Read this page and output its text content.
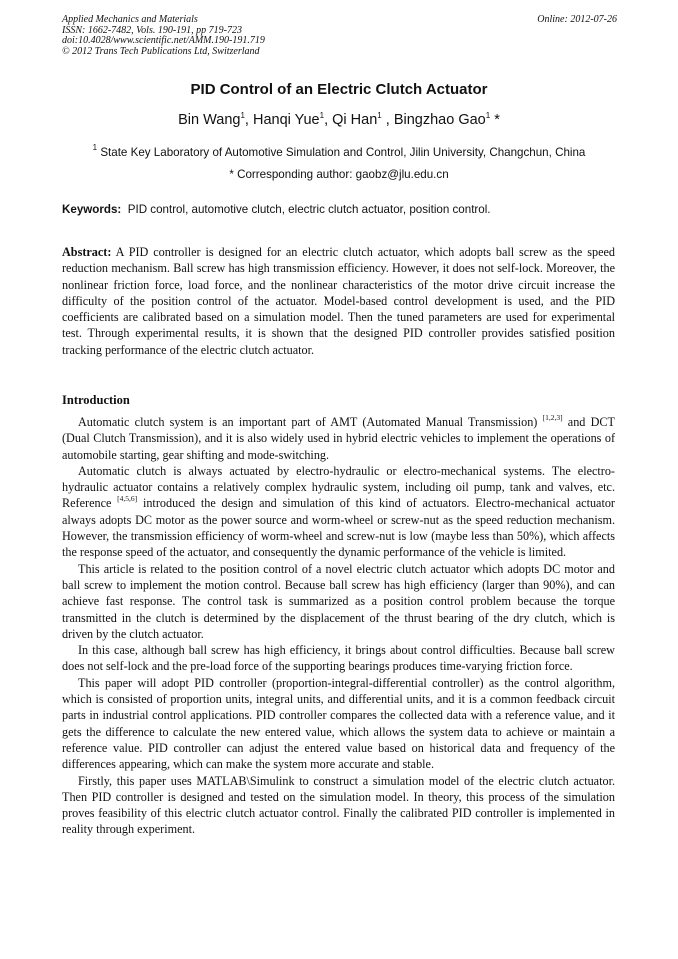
Applied Mechanics and Materials
ISSN: 1662-7482, Vols. 190-191, pp 719-723
doi:10.4028/www.scientific.net/AMM.190-191.719
© 2012 Trans Tech Publications Ltd, Switzerland
Online: 2012-07-26
PID Control of an Electric Clutch Actuator
Bin Wang$^1$, Hanqi Yue$^1$, Qi Han$^1$ , Bingzhao Gao$^1$ *
$^1$ State Key Laboratory of Automotive Simulation and Control, Jilin University, Changchun, China
* Corresponding author: gaobz@jlu.edu.cn
Keywords: PID control, automotive clutch, electric clutch actuator, position control.
Abstract: A PID controller is designed for an electric clutch actuator, which adopts ball screw as the speed reduction mechanism. Ball screw has high transmission efficiency. However, it does not self-lock. Moreover, the nonlinear friction force, load force, and the nonlinear characteristics of the motor drive circuit increase the difficulty of the position control of the actuator. Model-based control development is used, and the PID coefficients are calibrated based on a simulation model. Then the tuned parameters are used for experimental test. Through experimental results, it is shown that the designed PID controller provides satisfied position tracking performance of the electric clutch actuator.
Introduction

Automatic clutch system is an important part of AMT (Automated Manual Transmission) [1,2,3] and DCT (Dual Clutch Transmission), and it is also widely used in hybrid electric vehicles to implement the operations of automobile starting, gear shifting and mode-switching.

Automatic clutch is always actuated by electro-hydraulic or electro-mechanical systems. The electro-hydraulic actuator contains a relatively complex hydraulic system, including oil pump, tank and valves, etc. Reference [4,5,6] introduced the design and simulation of this kind of actuators. Electro-mechanical actuator always adopts DC motor as the power source and worm-wheel or screw-nut as the speed reduction mechanism. However, the transmission efficiency of worm-wheel and screw-nut is low (maybe less than 50%), which affects the response speed of the actuator, and consequently the dynamic performance of the vehicle is limited.

This article is related to the position control of a novel electric clutch actuator which adopts DC motor and ball screw to implement the motion control. Because ball screw has high efficiency (larger than 90%), and can achieve fast response. The control task is summarized as a position control problem because the torque transmitted in the clutch is determined by the displacement of the thrust bearing of the dry clutch, which is driven by the clutch actuator.

In this case, although ball screw has high efficiency, it brings about control difficulties. Because ball screw does not self-lock and the pre-load force of the supporting bearings produces time-varying friction force.

This paper will adopt PID controller (proportion-integral-differential controller) as the control algorithm, which is consisted of proportion units, integral units, and differential units, and it is a common feedback circuit parts in industrial control applications. PID controller compares the collected data with a reference value, and it gets the difference to calculate the new entered value, which allows the system data to achieve or maintain a reference value. PID controller can adjust the entered value based on historical data and frequency of the differences appearing, which can make the system more accurate and stable.

Firstly, this paper uses MATLAB\Simulink to construct a simulation model of the electric clutch actuator. Then PID controller is designed and tested on the simulation model. In theory, this process of the simulation proves feasibility of this electric clutch actuator control. Finally the calibrated PID controller is implemented in reality through experiment.
